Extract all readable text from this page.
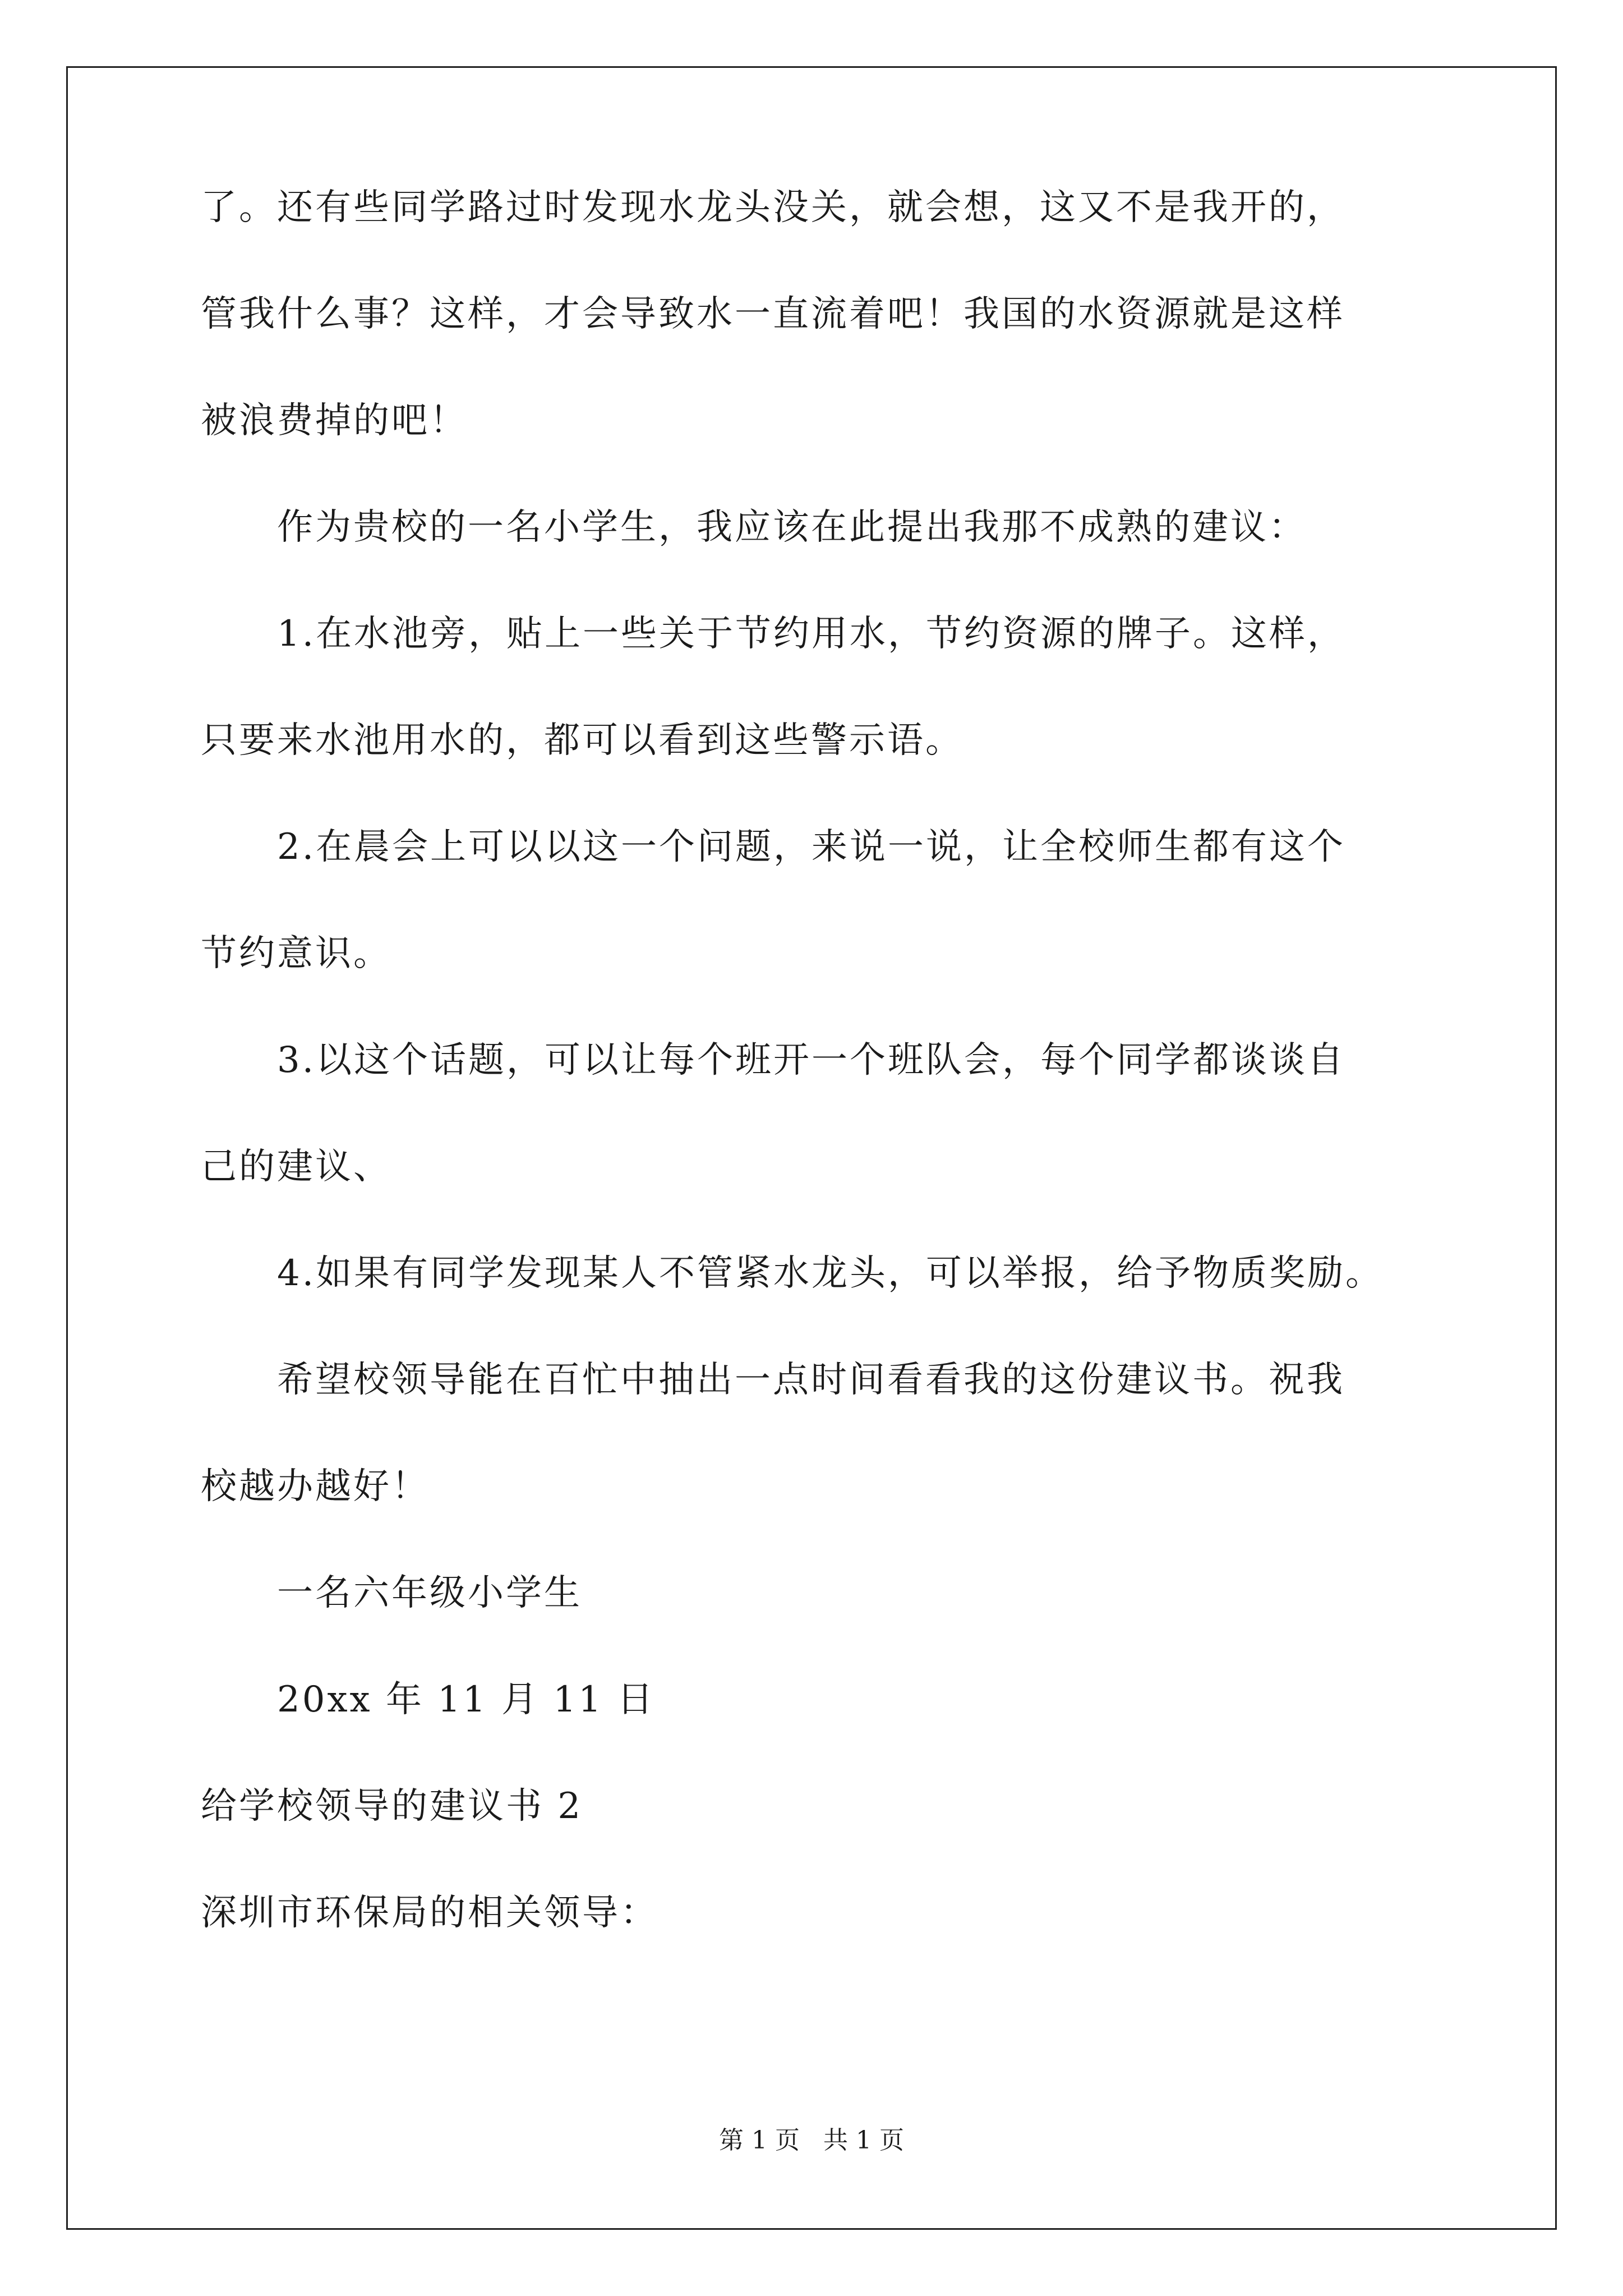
了。还有些同学路过时发现水龙头没关，就会想，这又不是我开的，

管我什么事？这样，才会导致水一直流着吧！我国的水资源就是这样

被浪费掉的吧！

作为贵校的一名小学生，我应该在此提出我那不成熟的建议：

1.在水池旁，贴上一些关于节约用水，节约资源的牌子。这样，

只要来水池用水的，都可以看到这些警示语。

2.在晨会上可以以这一个问题，来说一说，让全校师生都有这个

节约意识。

3.以这个话题，可以让每个班开一个班队会，每个同学都谈谈自

己的建议、

4.如果有同学发现某人不管紧水龙头，可以举报，给予物质奖励。

希望校领导能在百忙中抽出一点时间看看我的这份建议书。祝我

校越办越好！

一名六年级小学生

20xx 年 11 月 11 日

给学校领导的建议书 2

深圳市环保局的相关领导：

第 1 页 共 1 页
